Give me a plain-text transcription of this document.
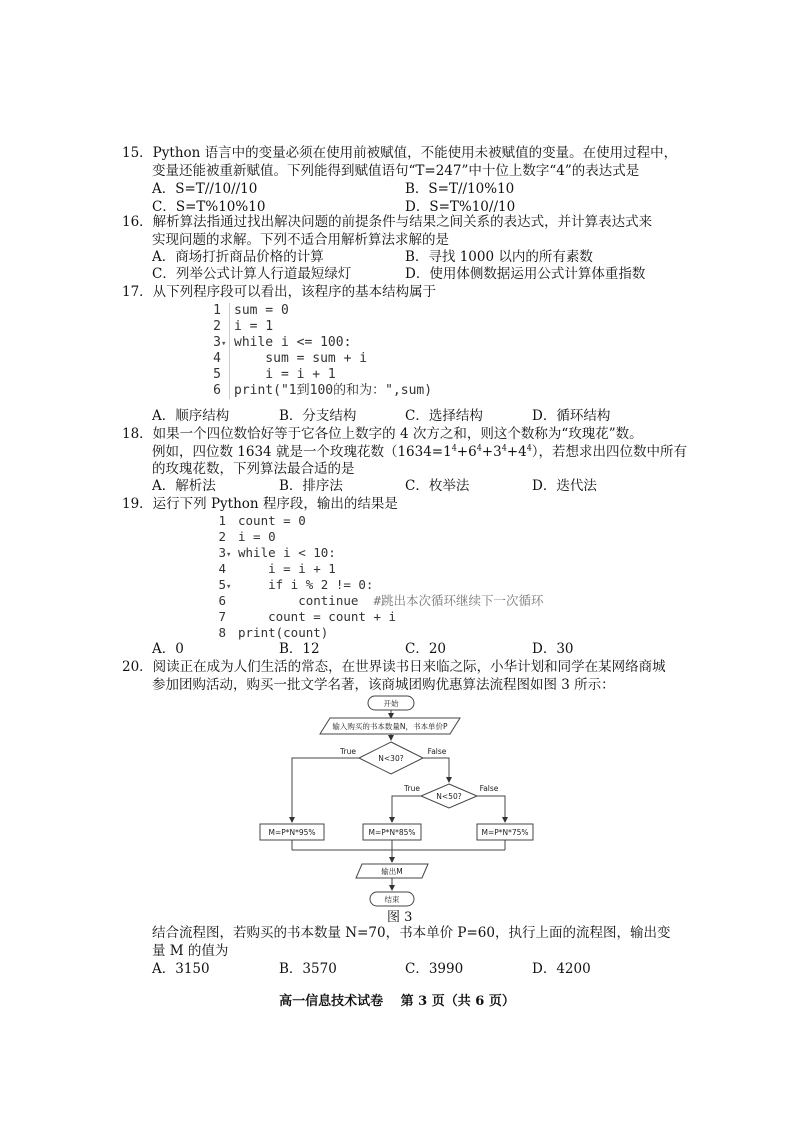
15．Python 语言中的变量必须在使用前被赋值，不能使用未被赋值的变量。在使用过程中，
变量还能被重新赋值。下列能得到赋值语句“T=247”中十位上数字“4”的表达式是
A．S=T//10//10	B．S=T//10%10
C．S=T%10%10	D．S=T%10//10
16．解析算法指通过找出解决问题的前提条件与结果之间关系的表达式，并计算表达式来
实现问题的求解。下列不适合用解析算法求解的是
A．商场打折商品价格的计算	B．寻找 1000 以内的所有素数
C．列举公式计算人行道最短绿灯	D．使用体侧数据运用公式计算体重指数
17．从下列程序段可以看出，该程序的基本结构属于
1 sum = 0
2 i = 1
3▾ while i <= 100:
4    sum = sum + i
5    i = i + 1
6 print("1到100的和为：",sum)
A．顺序结构	B．分支结构	C．选择结构	D．循环结构
18．如果一个四位数恰好等于它各位上数字的 4 次方之和，则这个数称为“玫瑰花”数。
例如，四位数 1634 就是一个玫瑰花数$(1634=1^4+6^4+3^4+4^4)$，若想求出四位数中所有
的玫瑰花数，下列算法最合适的是
A．解析法	B．排序法	C．枚举法	D．迭代法
19．运行下列 Python 程序段，输出的结果是
1 count = 0
2 i = 0
3▾ while i < 10:
4    i = i + 1
5▾    if i % 2 != 0:
6        continue  #跳出本次循环继续下一次循环
7    count = count + i
8 print(count)
A．0	B．12	C．20	D．30
20．阅读正在成为人们生活的常态，在世界读书日来临之际，小华计划和同学在某网络商城
参加团购活动，购买一批文学名著，该商城团购优惠算法流程图如图 3 所示：
开始
输入购买的书本数量N，书本单价P
N<30?
N<50?
True	False
True	False
M=P*N*95%	M=P*N*85%	M=P*N*75%
输出M
结束
图 3
结合流程图，若购买的书本数量 N=70，书本单价 P=60，执行上面的流程图，输出变
量 M 的值为
A．3150	B．3570	C．3990	D．4200
高一信息技术试卷　 第 3 页（共 6 页）
